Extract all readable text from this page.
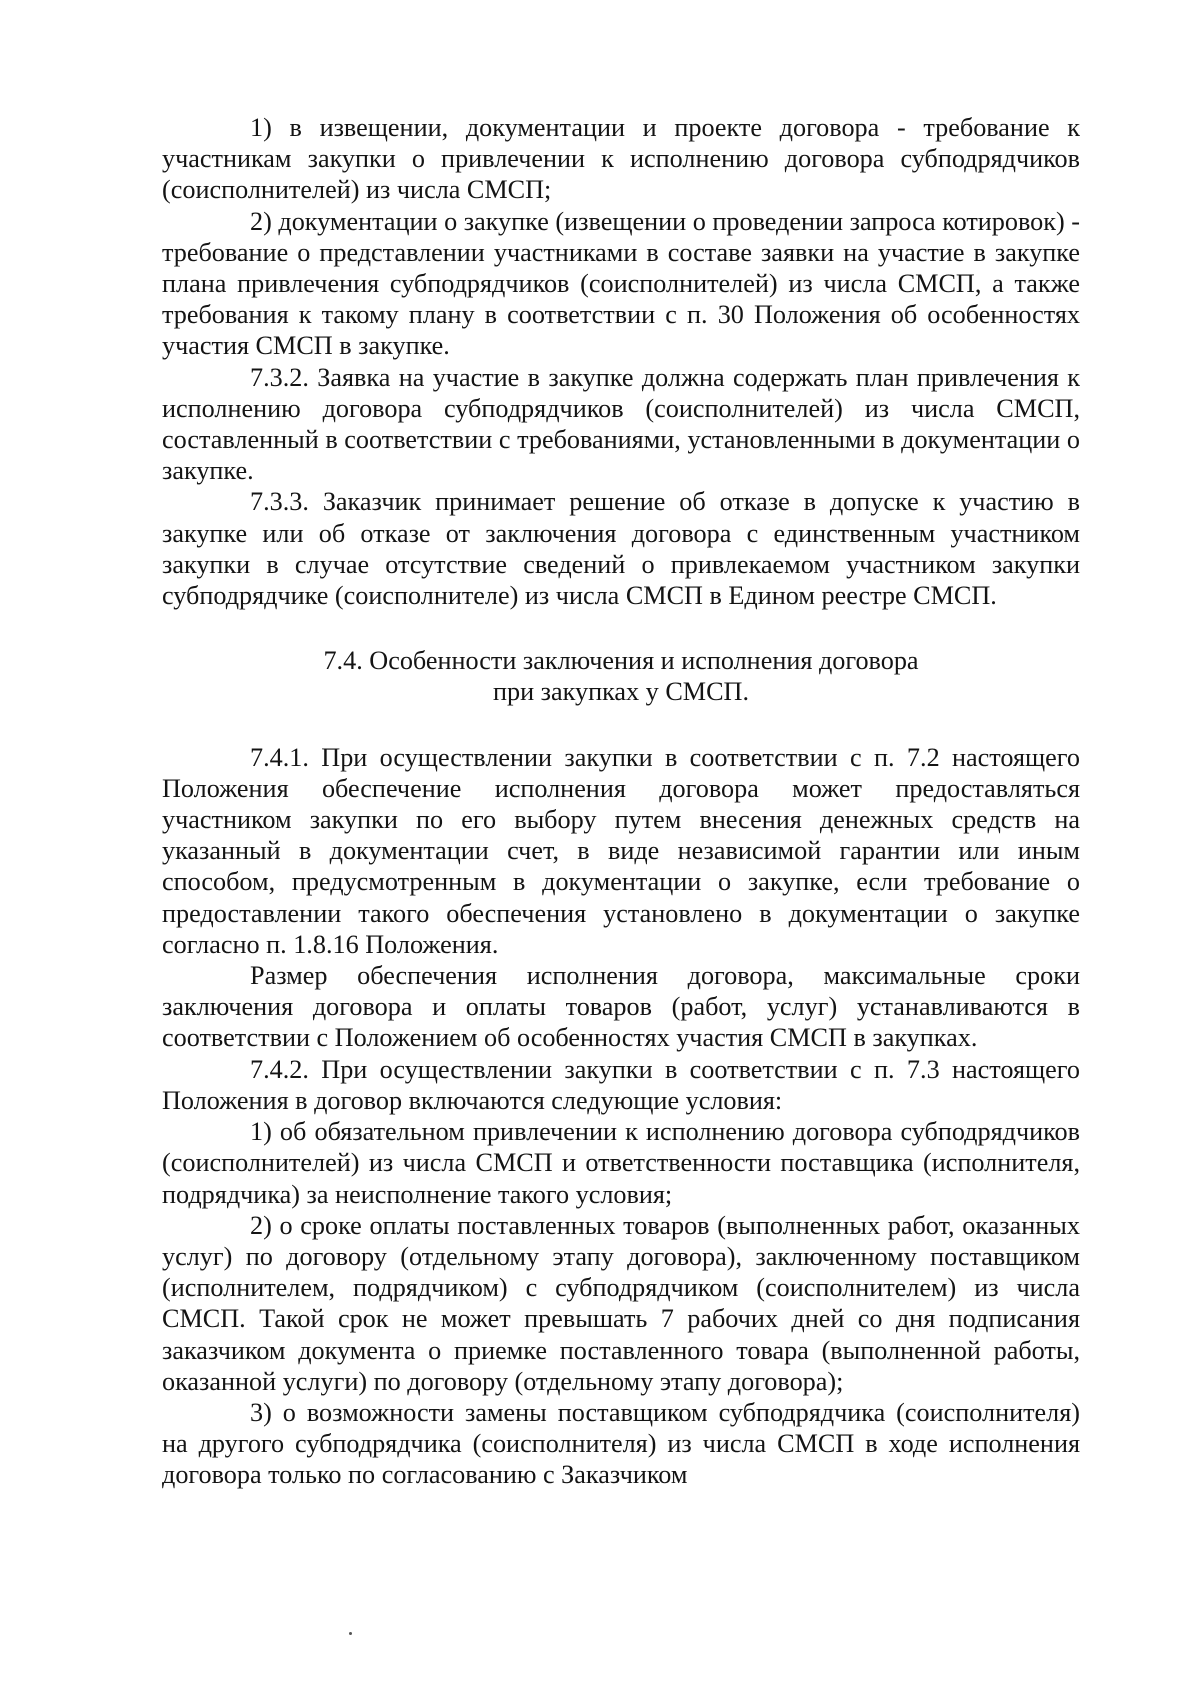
1) в извещении, документации и проекте договора - требование к участникам закупки о привлечении к исполнению договора субподрядчиков (соисполнителей) из числа СМСП;

2) документации о закупке (извещении о проведении запроса котировок) - требование о представлении участниками в составе заявки на участие в закупке плана привлечения субподрядчиков (соисполнителей) из числа СМСП, а также требования к такому плану в соответствии с п. 30 Положения об особенностях участия СМСП в закупке.

7.3.2. Заявка на участие в закупке должна содержать план привлечения к исполнению договора субподрядчиков (соисполнителей) из числа СМСП, составленный в соответствии с требованиями, установленными в документации о закупке.

7.3.3. Заказчик принимает решение об отказе в допуске к участию в закупке или об отказе от заключения договора с единственным участником закупки в случае отсутствие сведений о привлекаемом участником закупки субподрядчике (соисполнителе) из числа СМСП в Едином реестре СМСП.

7.4. Особенности заключения и исполнения договора

при закупках у СМСП.

7.4.1. При осуществлении закупки в соответствии с п. 7.2 настоящего Положения обеспечение исполнения договора может предоставляться участником закупки по его выбору путем внесения денежных средств на указанный в документации счет, в виде независимой гарантии или иным способом, предусмотренным в документации о закупке, если требование о предоставлении такого обеспечения установлено в документации о закупке согласно п. 1.8.16 Положения.

Размер обеспечения исполнения договора, максимальные сроки заключения договора и оплаты товаров (работ, услуг) устанавливаются в соответствии с Положением об особенностях участия СМСП в закупках.

7.4.2. При осуществлении закупки в соответствии с п. 7.3 настоящего Положения в договор включаются следующие условия:

1) об обязательном привлечении к исполнению договора субподрядчиков (соисполнителей) из числа СМСП и ответственности поставщика (исполнителя, подрядчика) за неисполнение такого условия;

2) о сроке оплаты поставленных товаров (выполненных работ, оказанных услуг) по договору (отдельному этапу договора), заключенному поставщиком (исполнителем, подрядчиком) с субподрядчиком (соисполнителем) из числа СМСП. Такой срок не может превышать 7 рабочих дней со дня подписания заказчиком документа о приемке поставленного товара (выполненной работы, оказанной услуги) по договору (отдельному этапу договора);

3) о возможности замены поставщиком субподрядчика (соисполнителя) на другого субподрядчика (соисполнителя) из числа СМСП в ходе исполнения договора только по согласованию с Заказчиком
